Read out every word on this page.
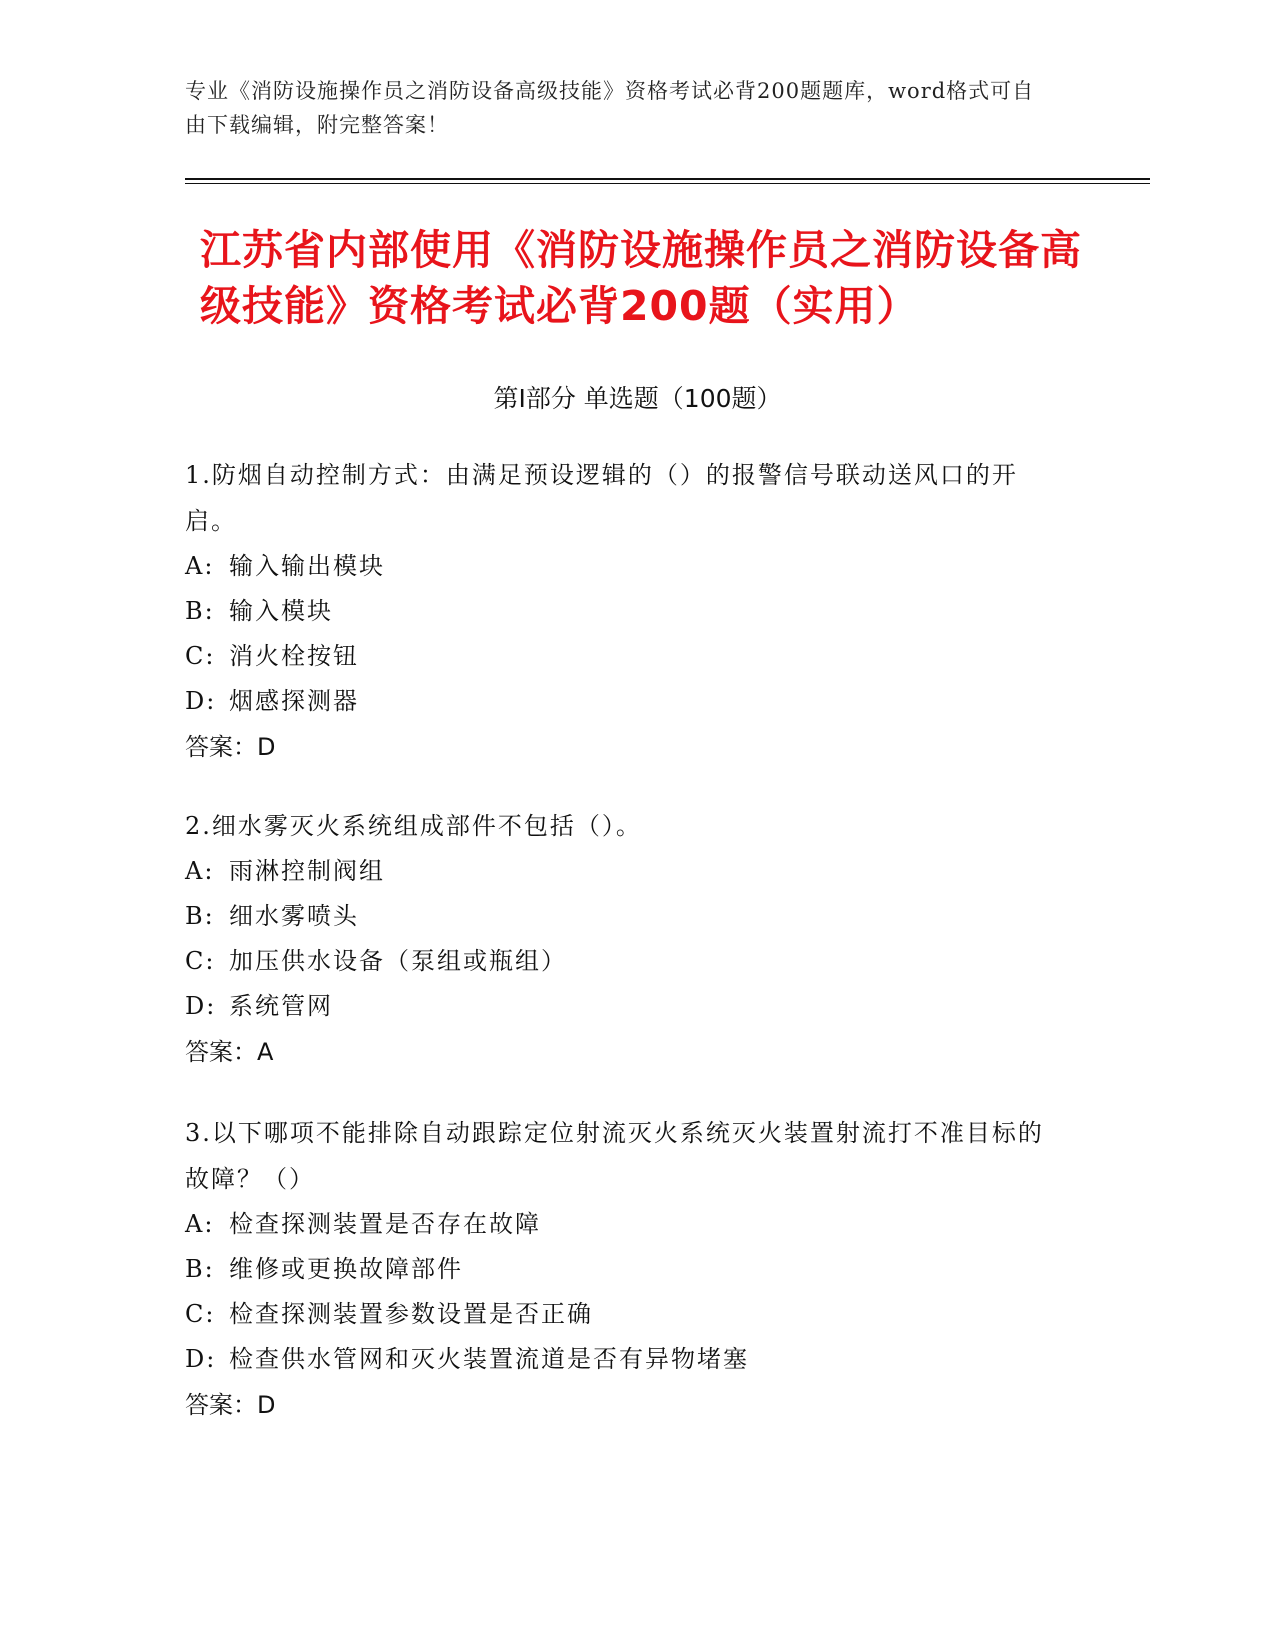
专业《消防设施操作员之消防设备高级技能》资格考试必背200题题库，word格式可自由下载编辑，附完整答案！
江苏省内部使用《消防设施操作员之消防设备高级技能》资格考试必背200题（实用）
第Ⅰ部分 单选题（100题）

1.防烟自动控制方式：由满足预设逻辑的（）的报警信号联动送风口的开启。

A: 输入输出模块

B: 输入模块

C: 消火栓按钮

D: 烟感探测器

答案：D

2.细水雾灭火系统组成部件不包括（）。

A: 雨淋控制阀组

B: 细水雾喷头

C: 加压供水设备（泵组或瓶组）

D: 系统管网

答案：A

3.以下哪项不能排除自动跟踪定位射流灭火系统灭火装置射流打不准目标的故障？（）

A: 检查探测装置是否存在故障

B: 维修或更换故障部件

C: 检查探测装置参数设置是否正确

D: 检查供水管网和灭火装置流道是否有异物堵塞

答案：D
